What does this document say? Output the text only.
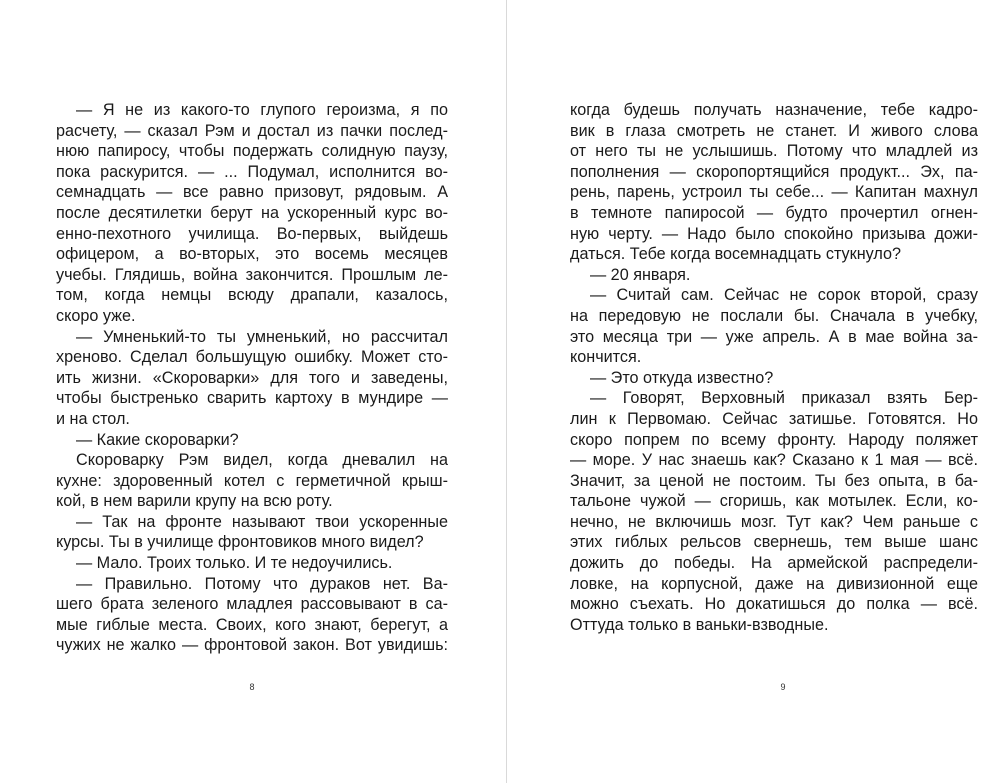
— Я не из какого-то глупого героизма, я по
расчету, — сказал Рэм и достал из пачки послед-
нюю папиросу, чтобы подержать солидную паузу,
пока раскурится. — ... Подумал, исполнится во-
семнадцать — все равно призовут, рядовым. А
после десятилетки берут на ускоренный курс во-
енно-пехотного училища. Во-первых, выйдешь
офицером, а во-вторых, это восемь месяцев
учебы. Глядишь, война закончится. Прошлым ле-
том, когда немцы всюду драпали, казалось,
скоро уже.
— Умненький-то ты умненький, но рассчитал
хреново. Сделал большущую ошибку. Может сто-
ить жизни. «Скороварки» для того и заведены,
чтобы быстренько сварить картоху в мундире —
и на стол.
— Какие скороварки?
Скороварку Рэм видел, когда дневалил на
кухне: здоровенный котел с герметичной крыш-
кой, в нем варили крупу на всю роту.
— Так на фронте называют твои ускоренные
курсы. Ты в училище фронтовиков много видел?
— Мало. Троих только. И те недоучились.
— Правильно. Потому что дураков нет. Ва-
шего брата зеленого младлея рассовывают в са-
мые гиблые места. Своих, кого знают, берегут, а
чужих не жалко — фронтовой закон. Вот увидишь:
8
когда будешь получать назначение, тебе кадро-
вик в глаза смотреть не станет. И живого слова
от него ты не услышишь. Потому что младлей из
пополнения — скоропортящийся продукт... Эх, па-
рень, парень, устроил ты себе... — Капитан махнул
в темноте папиросой — будто прочертил огнен-
ную черту. — Надо было спокойно призыва дожи-
даться. Тебе когда восемнадцать стукнуло?
— 20 января.
— Считай сам. Сейчас не сорок второй, сразу
на передовую не послали бы. Сначала в учебку,
это месяца три — уже апрель. А в мае война за-
кончится.
— Это откуда известно?
— Говорят, Верховный приказал взять Бер-
лин к Первомаю. Сейчас затишье. Готовятся. Но
скоро попрем по всему фронту. Народу поляжет
— море. У нас знаешь как? Сказано к 1 мая — всё.
Значит, за ценой не постоим. Ты без опыта, в ба-
тальоне чужой — сгоришь, как мотылек. Если, ко-
нечно, не включишь мозг. Тут как? Чем раньше с
этих гиблых рельсов свернешь, тем выше шанс
дожить до победы. На армейской распредели-
ловке, на корпусной, даже на дивизионной еще
можно съехать. Но докатишься до полка — всё.
Оттуда только в ваньки-взводные.
9
